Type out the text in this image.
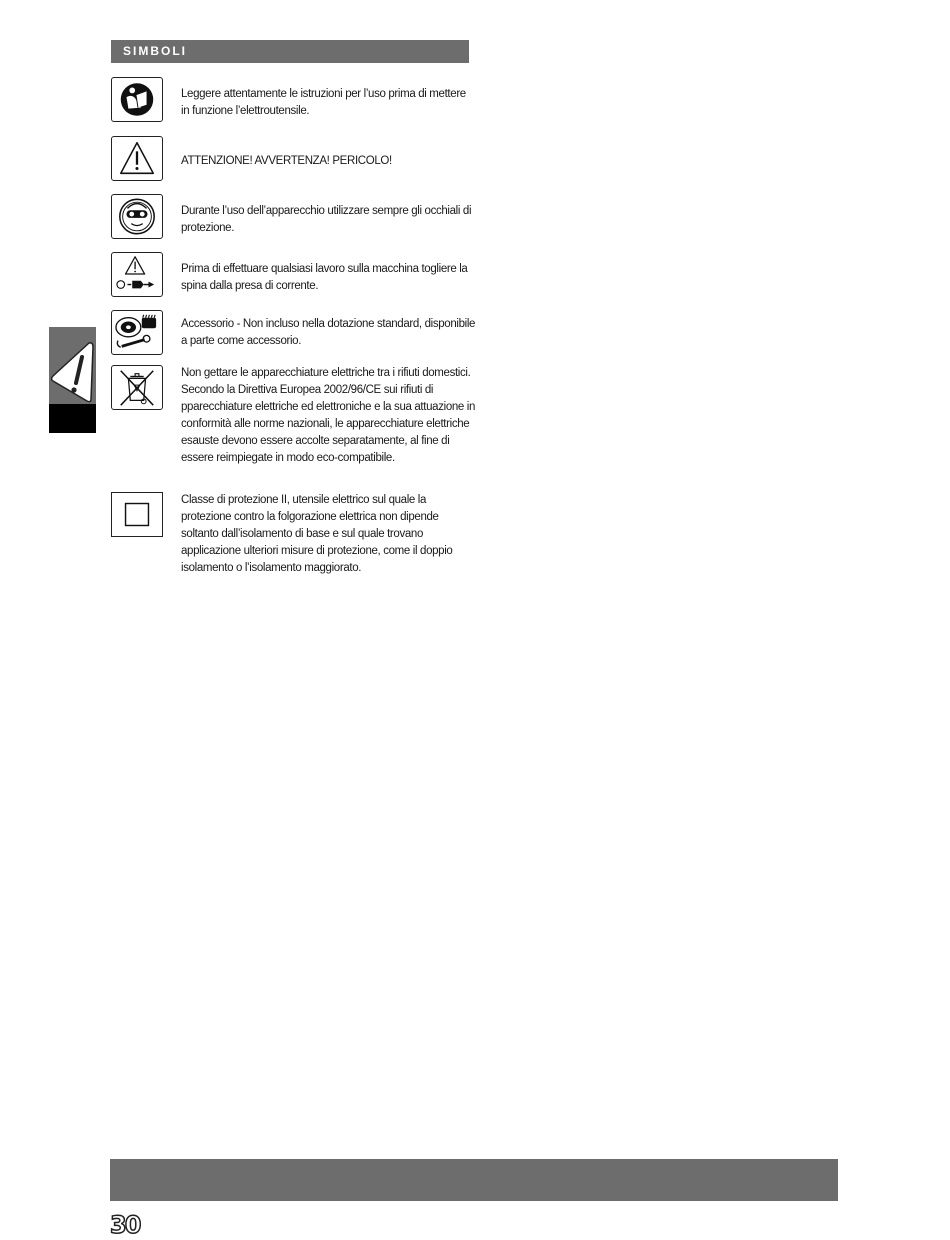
SIMBOLI
Leggere attentamente le istruzioni per l’uso prima di mettere in funzione l’elettroutensile.
ATTENZIONE! AVVERTENZA! PERICOLO!
Durante l’uso dell’apparecchio utilizzare sempre gli occhiali di protezione.
Prima di effettuare qualsiasi lavoro sulla macchina togliere la spina dalla presa di corrente.
Accessorio - Non incluso nella dotazione standard, disponibile a parte come accessorio.
Non gettare le apparecchiature elettriche tra i rifiuti domestici. Secondo la Direttiva Europea 2002/96/CE sui rifiuti di pparecchiature elettriche ed elettroniche e la sua attuazione in conformità alle norme nazionali, le apparecchiature elettriche esauste devono essere accolte separatamente, al fine di essere reimpiegate in modo eco-compatibile.
Classe di protezione II, utensile elettrico sul quale la protezione contro la folgorazione elettrica non dipende soltanto dall’isolamento di base e sul quale trovano applicazione ulteriori misure di protezione, come il doppio isolamento o l’isolamento maggiorato.
30
